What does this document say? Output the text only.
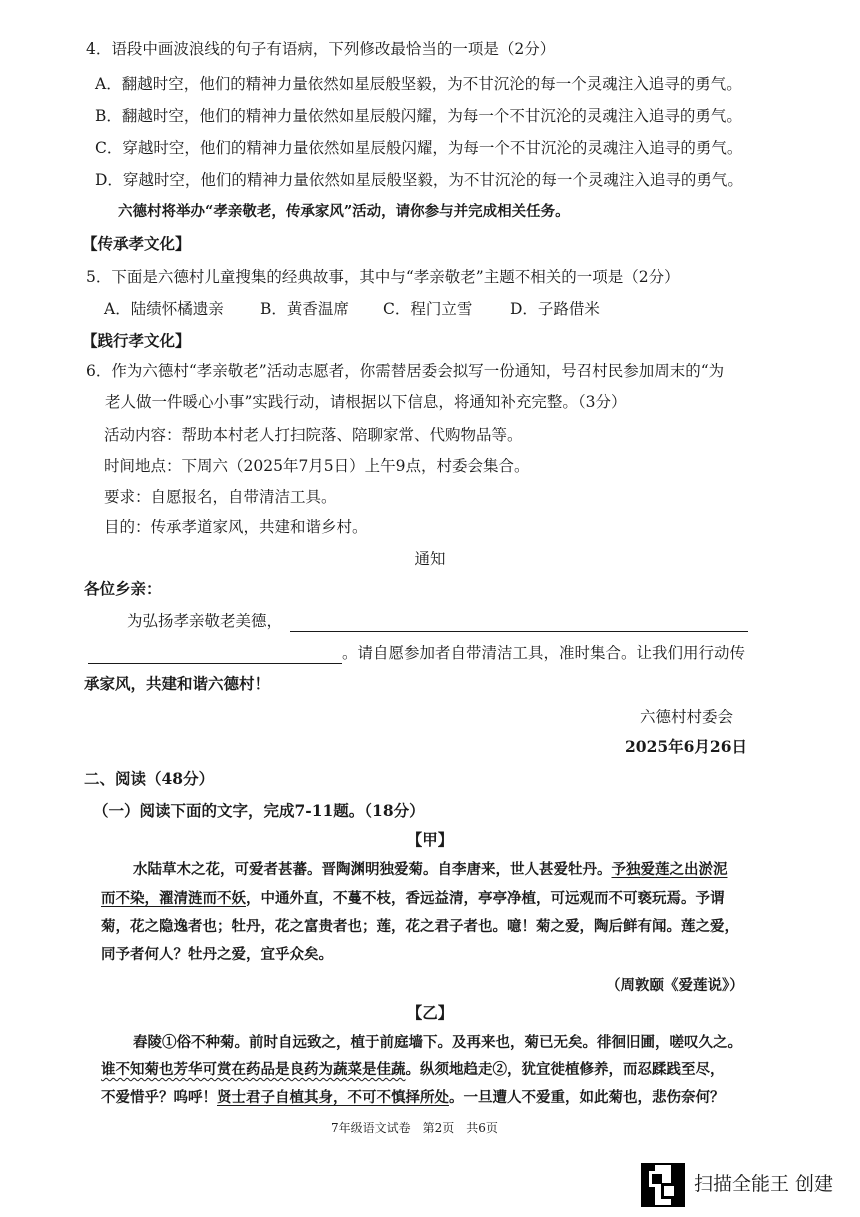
4．语段中画波浪线的句子有语病，下列修改最恰当的一项是（2分）
A．翻越时空，他们的精神力量依然如星辰般坚毅，为不甘沉沦的每一个灵魂注入追寻的勇气。
B．翻越时空，他们的精神力量依然如星辰般闪耀，为每一个不甘沉沦的灵魂注入追寻的勇气。
C．穿越时空，他们的精神力量依然如星辰般闪耀，为每一个不甘沉沦的灵魂注入追寻的勇气。
D．穿越时空，他们的精神力量依然如星辰般坚毅，为不甘沉沦的每一个灵魂注入追寻的勇气。
六德村将举办“孝亲敬老，传承家风”活动，请你参与并完成相关任务。
【传承孝文化】
5．下面是六德村儿童搜集的经典故事，其中与“孝亲敬老”主题不相关的一项是（2分）
A．陆绩怀橘遗亲 B．黄香温席 C．程门立雪 D．子路借米
【践行孝文化】
6．作为六德村“孝亲敬老”活动志愿者，你需替居委会拟写一份通知，号召村民参加周末的“为
老人做一件暖心小事”实践行动，请根据以下信息，将通知补充完整。（3分）
活动内容：帮助本村老人打扫院落、陪聊家常、代购物品等。
时间地点：下周六（2025年7月5日）上午9点，村委会集合。
要求：自愿报名，自带清洁工具。
目的：传承孝道家风，共建和谐乡村。
通知
各位乡亲：
为弘扬孝亲敬老美德，
。请自愿参加者自带清洁工具，准时集合。让我们用行动传
承家风，共建和谐六德村！
六德村村委会
2025年6月26日
二、阅读（48分）
（一）阅读下面的文字，完成7-11题。（18分）
【甲】
水陆草木之花，可爱者甚蕃。晋陶渊明独爱菊。自李唐来，世人甚爱牡丹。予独爱莲之出淤泥
而不染，濯清涟而不妖，中通外直，不蔓不枝，香远益清，亭亭净植，可远观而不可亵玩焉。予谓
菊，花之隐逸者也；牡丹，花之富贵者也；莲，花之君子者也。噫！菊之爱，陶后鲜有闻。莲之爱，
同予者何人？牡丹之爱，宜乎众矣。
（周敦颐《爱莲说》）
【乙】
舂陵①俗不种菊。前时自远致之，植于前庭墙下。及再来也，菊已无矣。徘徊旧圃，嗟叹久之。
谁不知菊也芳华可赏在药品是良药为蔬菜是佳蔬。纵须地趋走②，犹宜徙植修养，而忍蹂践至尽，
不爱惜乎？呜呼！贤士君子自植其身，不可不慎择所处。一旦遭人不爱重，如此菊也，悲伤奈何？
7年级语文试卷　第2页　共6页
扫描全能王 创建
